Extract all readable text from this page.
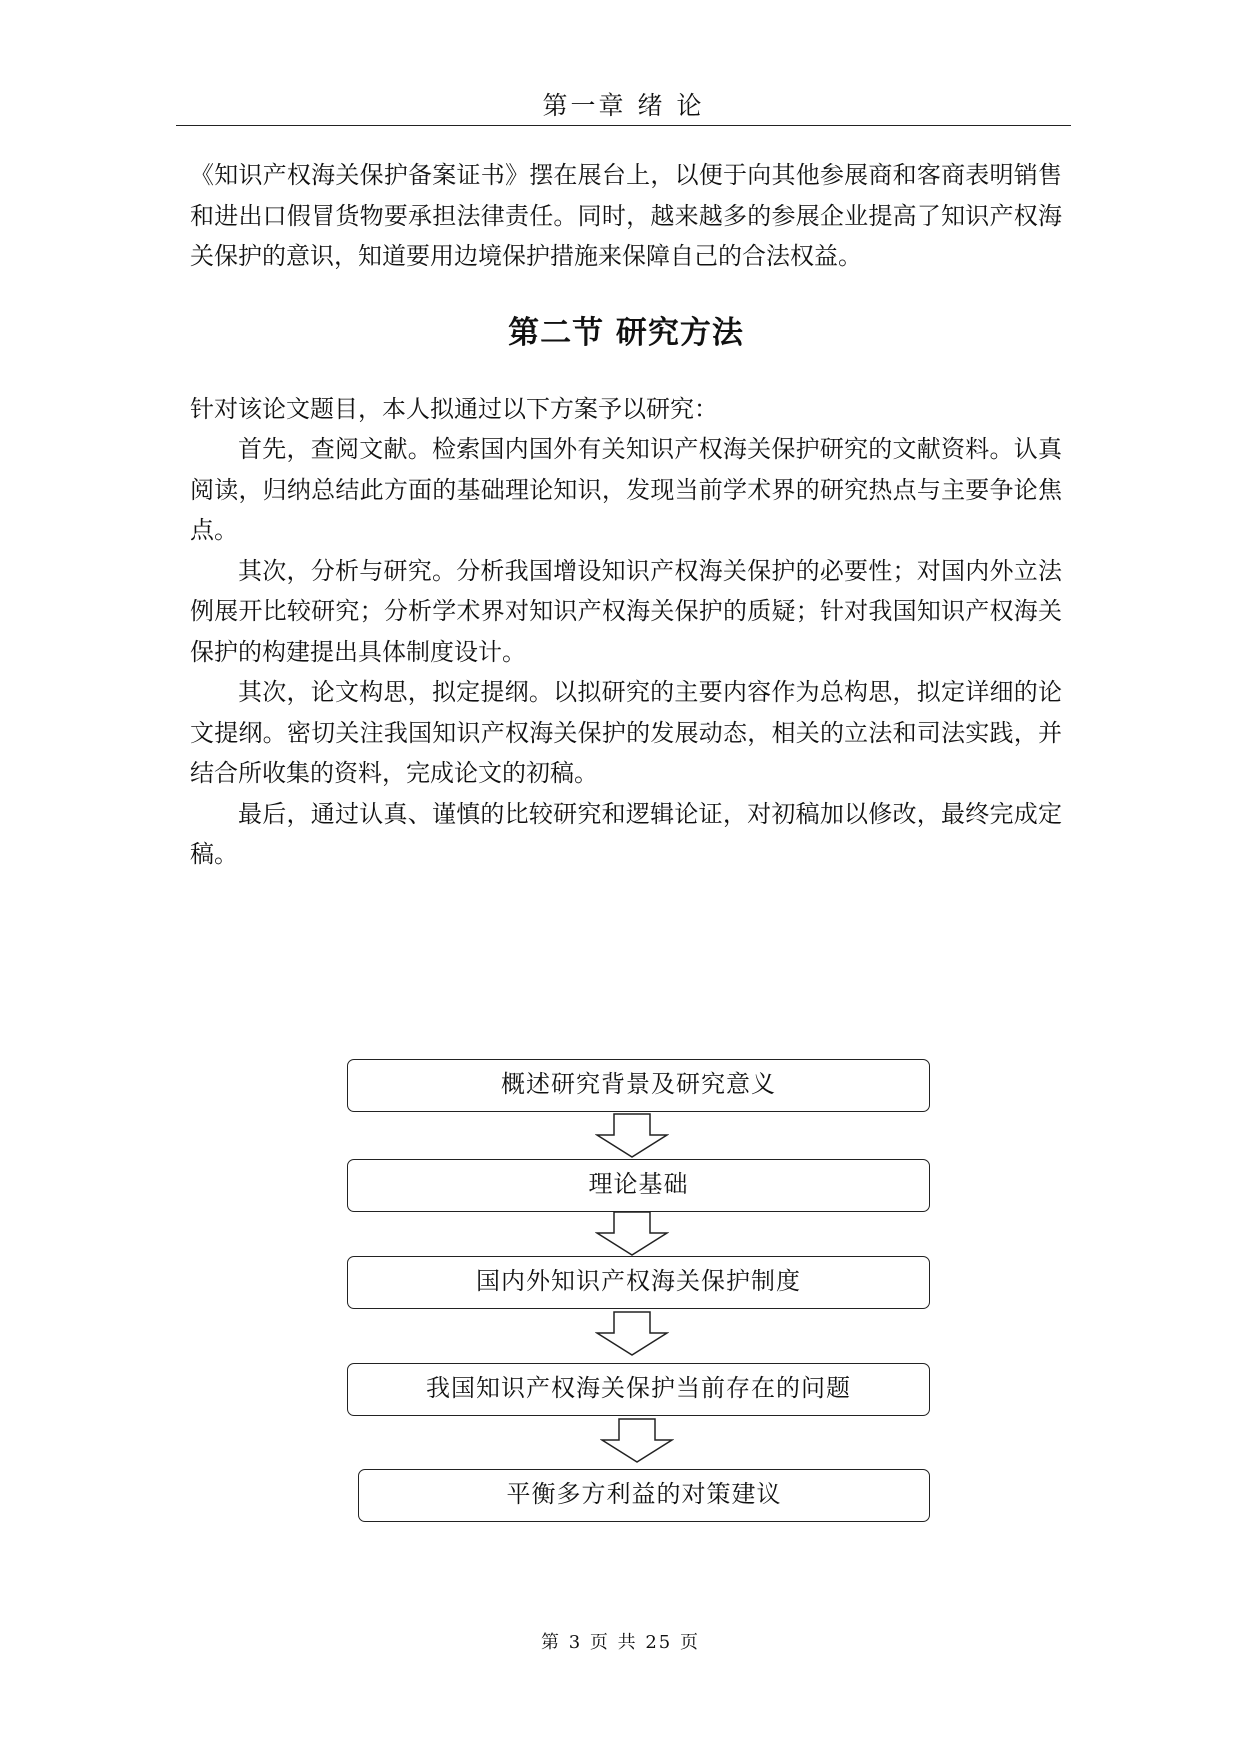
第一章 绪 论

《知识产权海关保护备案证书》摆在展台上，以便于向其他参展商和客商表明销售和进出口假冒货物要承担法律责任。同时，越来越多的参展企业提高了知识产权海关保护的意识，知道要用边境保护措施来保障自己的合法权益。

第二节 研究方法

针对该论文题目，本人拟通过以下方案予以研究：

首先，查阅文献。检索国内国外有关知识产权海关保护研究的文献资料。认真阅读，归纳总结此方面的基础理论知识，发现当前学术界的研究热点与主要争论焦点。

其次，分析与研究。分析我国增设知识产权海关保护的必要性；对国内外立法例展开比较研究；分析学术界对知识产权海关保护的质疑；针对我国知识产权海关保护的构建提出具体制度设计。

其次，论文构思，拟定提纲。以拟研究的主要内容作为总构思，拟定详细的论文提纲。密切关注我国知识产权海关保护的发展动态，相关的立法和司法实践，并结合所收集的资料，完成论文的初稿。

最后，通过认真、谨慎的比较研究和逻辑论证，对初稿加以修改，最终完成定稿。

概述研究背景及研究意义
理论基础
国内外知识产权海关保护制度
我国知识产权海关保护当前存在的问题
平衡多方利益的对策建议
第 3 页 共 25 页
